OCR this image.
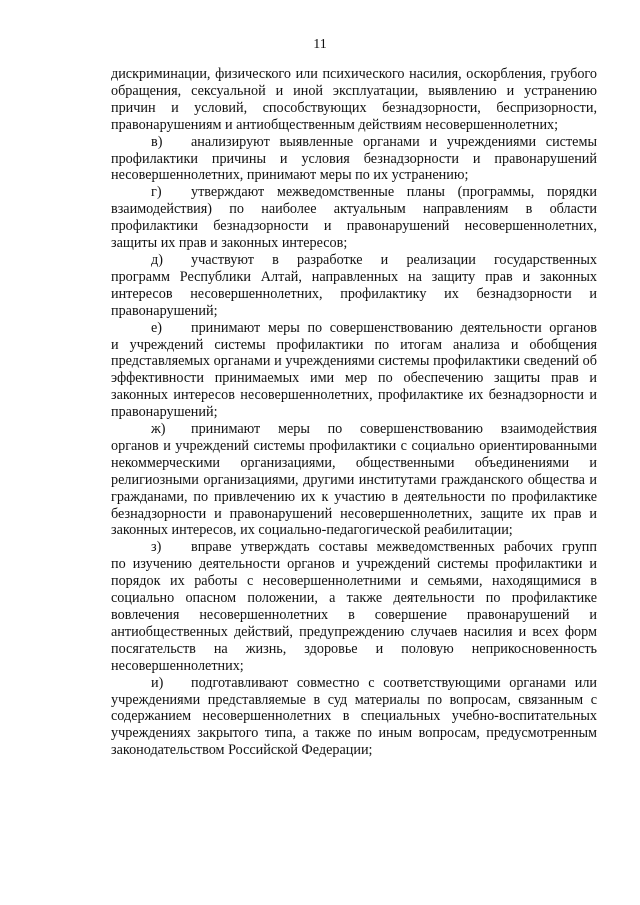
11

дискриминации, физического или психического насилия, оскорбления, грубого обращения, сексуальной и иной эксплуатации, выявлению и устранению причин и условий, способствующих безнадзорности, беспризорности, правонарушениям и антиобщественным действиям несовершеннолетних;

в)	анализируют выявленные органами и учреждениями системы

профилактики причины и условия безнадзорности и правонарушений несовершеннолетних, принимают меры по их устранению;

г)	утверждают межведомственные планы (программы, порядки

взаимодействия) по наиболее актуальным направлениям в области профилактики безнадзорности и правонарушений несовершеннолетних, защиты их прав и законных интересов;

д)	участвуют в разработке и реализации государственных

программ Республики Алтай, направленных на защиту прав и законных интересов несовершеннолетних, профилактику их безнадзорности и правонарушений;

е)	принимают меры по совершенствованию деятельности органов

и учреждений системы профилактики по итогам анализа и обобщения представляемых органами и учреждениями системы профилактики сведений об эффективности принимаемых ими мер по обеспечению защиты прав и законных интересов несовершеннолетних, профилактике их безнадзорности и правонарушений;

ж)	принимают меры по совершенствованию взаимодействия

органов и учреждений системы профилактики с социально ориентированными некоммерческими организациями, общественными объединениями и религиозными организациями, другими институтами гражданского общества и гражданами, по привлечению их к участию в деятельности по профилактике безнадзорности и правонарушений несовершеннолетних, защите их прав и законных интересов, их социально-педагогической реабилитации;

з)	вправе утверждать составы межведомственных рабочих групп

по изучению деятельности органов и учреждений системы профилактики и порядок их работы с несовершеннолетними и семьями, находящимися в социально опасном положении, а также деятельности по профилактике вовлечения несовершеннолетних в совершение правонарушений и антиобщественных действий, предупреждению случаев насилия и всех форм посягательств на жизнь, здоровье и половую неприкосновенность несовершеннолетних;

и)	подготавливают совместно с соответствующими органами или

учреждениями представляемые в суд материалы по вопросам, связанным с содержанием несовершеннолетних в специальных учебно-воспитательных учреждениях закрытого типа, а также по иным вопросам, предусмотренным законодательством Российской Федерации;
